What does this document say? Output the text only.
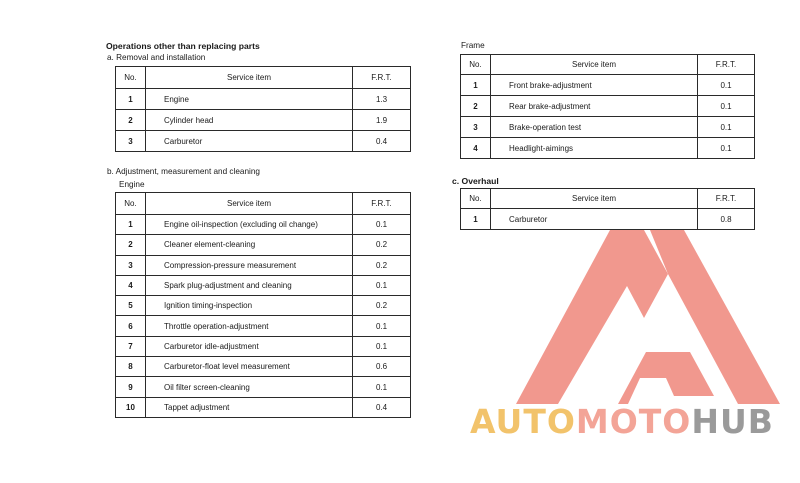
Operations other than replacing parts
a. Removal and installation
No.	Service item	F.R.T.
1	Engine	1.3
2	Cylinder head	1.9
3	Carburetor	0.4
b. Adjustment, measurement and cleaning
Engine
No.	Service item	F.R.T.
1	Engine oil-inspection (excluding oil change)	0.1
2	Cleaner element-cleaning	0.2
3	Compression-pressure measurement	0.2
4	Spark plug-adjustment and cleaning	0.1
5	Ignition timing-inspection	0.2
6	Throttle operation-adjustment	0.1
7	Carburetor idle-adjustment	0.1
8	Carburetor-float level measurement	0.6
9	Oil filter screen-cleaning	0.1
10	Tappet adjustment	0.4
Frame
No.	Service item	F.R.T.
1	Front brake-adjustment	0.1
2	Rear brake-adjustment	0.1
3	Brake-operation test	0.1
4	Headlight-aimings	0.1
c. Overhaul
No.	Service item	F.R.T.
1	Carburetor	0.8
AUTOMOTOHUB
